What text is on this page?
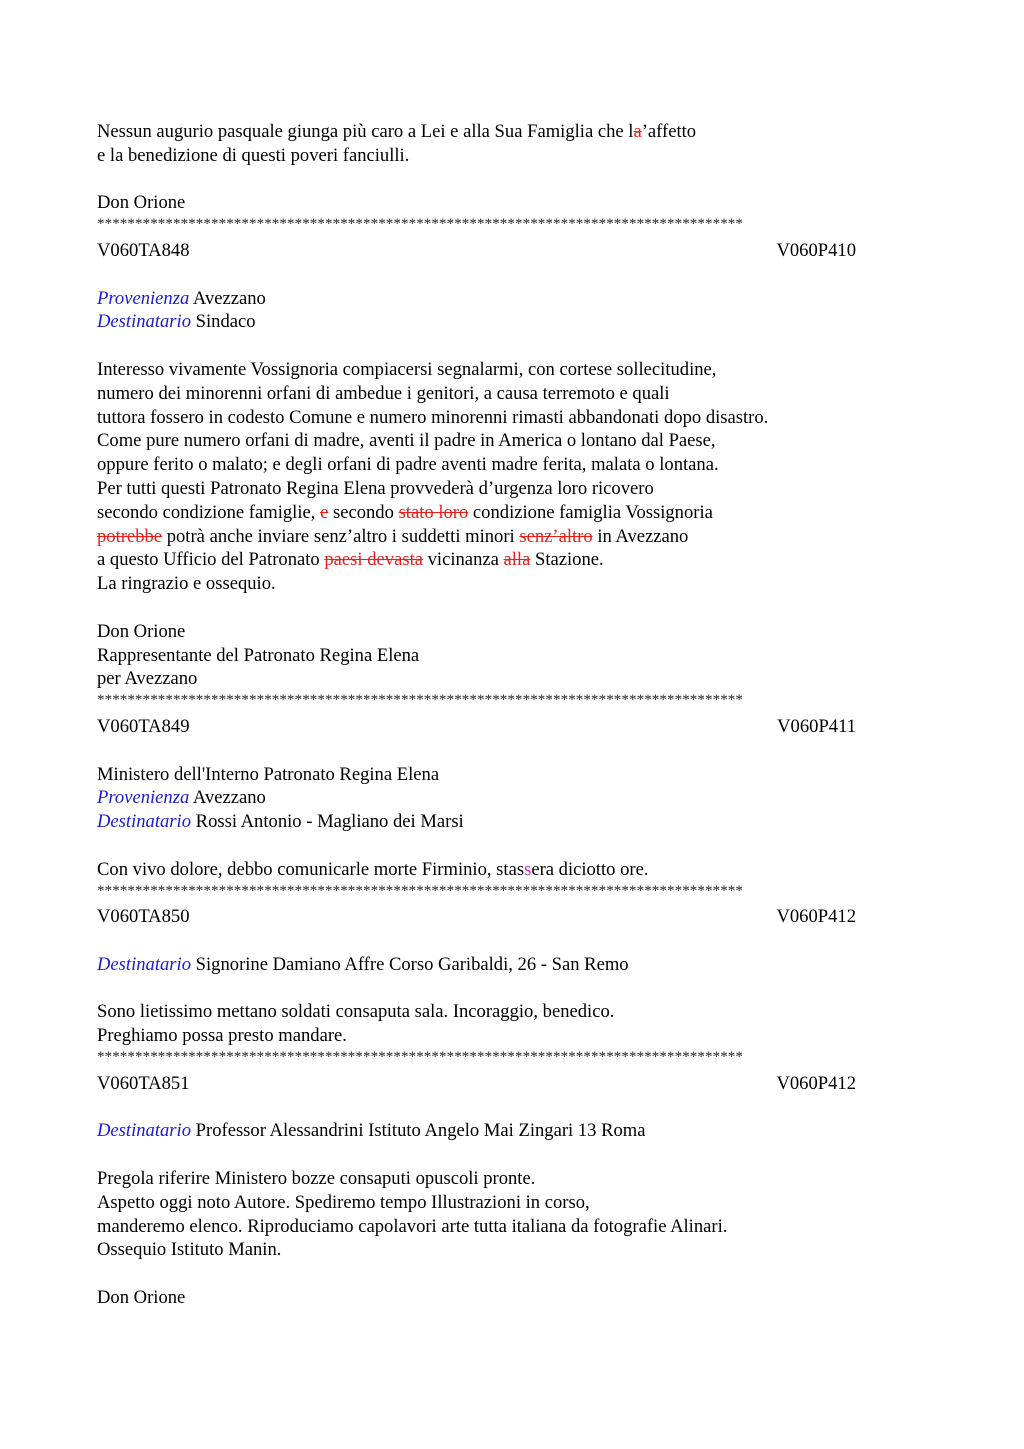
Nessun augurio pasquale giunga più caro a Lei e alla Sua Famiglia che la’affetto
e la benedizione di questi poveri fanciulli.
Don Orione
*************************************************************************************
V060TA848	V060P410
Provenienza Avezzano
Destinatario Sindaco
Interesso vivamente Vossignoria compiacersi segnalarmi, con cortese sollecitudine,
numero dei minorenni orfani di ambedue i genitori, a causa terremoto e quali
tuttora fossero in codesto Comune e numero minorenni rimasti abbandonati dopo disastro.
Come pure numero orfani di madre, aventi il padre in America o lontano dal Paese,
oppure ferito o malato; e degli orfani di padre aventi madre ferita, malata o lontana.
Per tutti questi Patronato Regina Elena provvederà d’urgenza loro ricovero
secondo condizione famiglie, e secondo stato loro condizione famiglia Vossignoria
potrebbe potrà anche inviare senz’altro i suddetti minori senz’altro in Avezzano
a questo Ufficio del Patronato paesi devasta vicinanza alla Stazione.
La ringrazio e ossequio.
Don Orione
Rappresentante del Patronato Regina Elena
per Avezzano
*************************************************************************************
V060TA849	V060P411
Ministero dell'Interno Patronato Regina Elena
Provenienza Avezzano
Destinatario Rossi Antonio - Magliano dei Marsi
Con vivo dolore, debbo comunicarle morte Firminio, stassera diciotto ore.
*************************************************************************************
V060TA850	V060P412
Destinatario Signorine Damiano Affre Corso Garibaldi, 26 - San Remo
Sono lietissimo mettano soldati consaputa sala. Incoraggio, benedico.
Preghiamo possa presto mandare.
*************************************************************************************
V060TA851	V060P412
Destinatario Professor Alessandrini Istituto Angelo Mai Zingari 13 Roma
Pregola riferire Ministero bozze consaputi opuscoli pronte.
Aspetto oggi noto Autore. Spediremo tempo Illustrazioni in corso,
manderemo elenco. Riproduciamo capolavori arte tutta italiana da fotografie Alinari.
Ossequio Istituto Manin.
Don Orione
